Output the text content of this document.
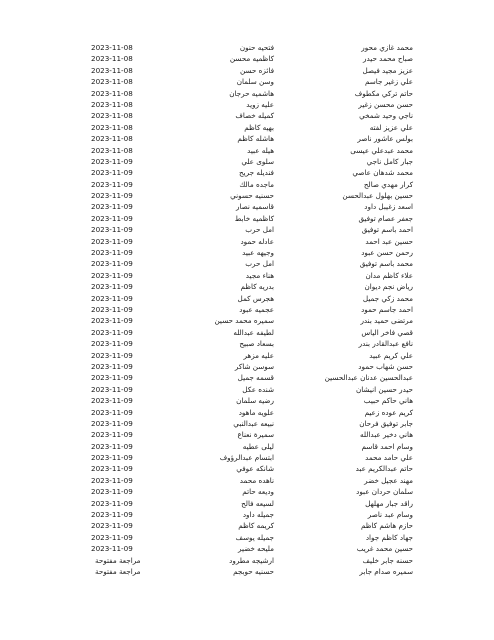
محمد غازي محور
فتحيه حنون
2023-11-08
صباح محمد حيدر
كاظميه محسن
2023-11-08
عزيز مجيد فيصل
فائزه حسن
2023-11-08
علي زغير جاسم
وسن سلمان
2023-11-08
حاتم تركي مكطوف
هاشميه حرجان
2023-11-08
حسن محسن زغير
عليه زويد
2023-11-08
ناجي وحيد شمخي
كميله خصاف
2023-11-08
علي عزيز لفته
بهيه كاظم
2023-11-08
بولس عاشور ناصر
هاشله كاظم
2023-11-08
محمد عبدعلي عيسى
هيله عبيد
2023-11-08
جبار كامل ناجي
سلوى علي
2023-11-09
محمد شدهان عاصي
فنديله جريح
2023-11-09
كرار مهدي صالح
ماجده مالك
2023-11-09
حسين بهلول عبدالحسن
حسنيه حسوني
2023-11-09
اسعد زغيبل داود
قاسميه نصار
2023-11-09
جعفر عصام توفيق
كاظميه خابط
2023-11-09
احمد باسم توفيق
امل حرب
2023-11-09
حسين عبد احمد
عادله حمود
2023-11-09
رحمن حسن عبود
وجيهه عبيد
2023-11-09
محمد باسم توفيق
امل حرب
2023-11-09
علاء كاظم مدان
هناء مجيد
2023-11-09
رياض نجم ديوان
بدريه كاظم
2023-11-09
محمد زكي جميل
هجرس كمل
2023-11-09
احمد جاسم حمود
عجميه عبود
2023-11-09
مرتضى حميد بندر
سميره محمد حسين
2023-11-09
قصي فاخر الياس
لطيفه عبدالله
2023-11-09
نافع عبدالقادر بندر
بسعاد صبيح
2023-11-09
علي كريم عبيد
عليه مزهر
2023-11-09
حسن شهاب حمود
سوسن شاكر
2023-11-09
عبدالحسين عدنان عبدالحسين
قسمه جميل
2023-11-09
حيدر حسين انيشان
شنده عكل
2023-11-09
هاني حاكم حبيب
رضيه سلمان
2023-11-09
كريم عوده زعيم
علويه ماهود
2023-11-09
جابر توفيق فرحان
نبيعه عبدالنبي
2023-11-09
هاني دخير عبدالله
سميرة نعناع
2023-11-09
وسام احمد قاسم
ليلى عطيه
2023-11-09
علي حامد محمد
ابتسام عبدالرؤوف
2023-11-09
حاتم عبدالكريم عبد
شانكه عوفي
2023-11-09
مهند عجيل خضر
ناهده محمد
2023-11-09
سلمان حردان عبود
وديعه حاتم
2023-11-09
راقد جبار مهلهل
لسيعه فالح
2023-11-09
وسام عبد ناصر
جميله داود
2023-11-09
حازم هاشم كاظم
كريمه كاظم
2023-11-09
جهاد كاظم جواد
جميله يوسف
2023-11-09
حسين محمد غريب
مليحه خضير
2023-11-09
حسنه جابر خليف
ارشيجه مطرود
مراجعة مفتوحة
سميره صدام جابر
حسنيه حوبجم
مراجعة مفتوحة
